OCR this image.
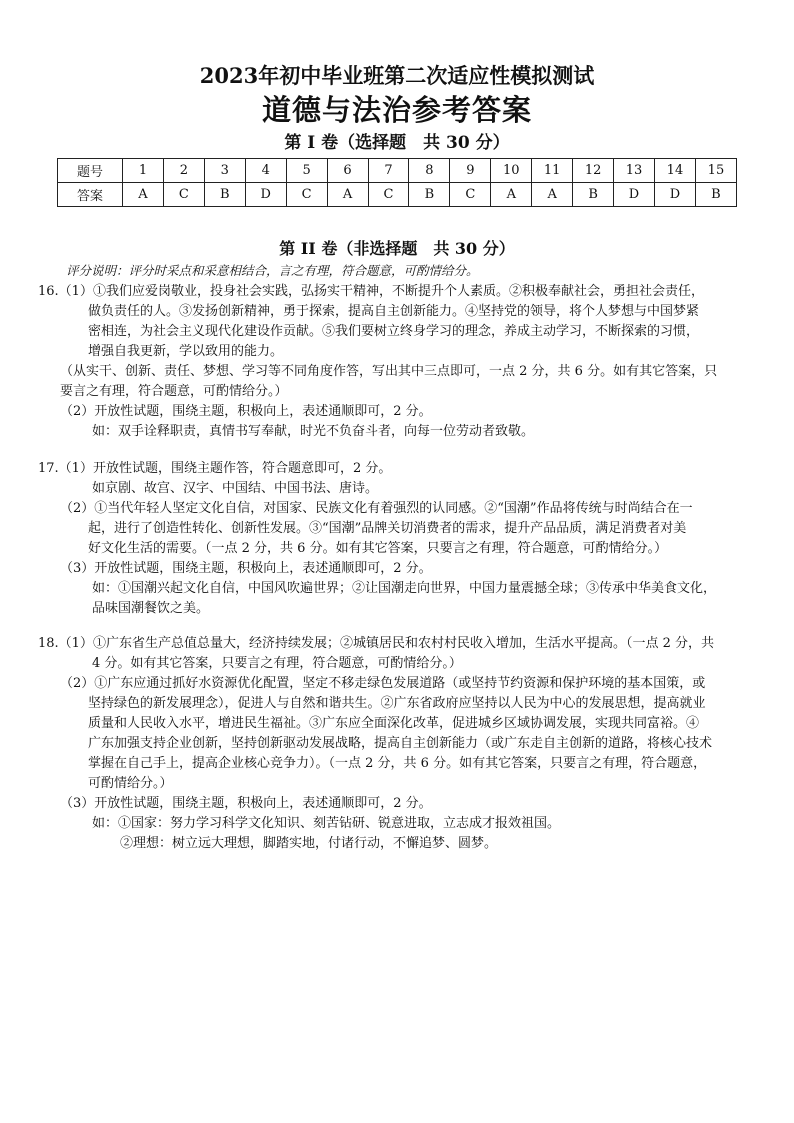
2023年初中毕业班第二次适应性模拟测试
道德与法治参考答案
第 I 卷（选择题　共 30 分）
题号	1	2	3	4	5	6	7	8	9	10	11	12	13	14	15
答案	A	C	B	D	C	A	C	B	C	A	A	B	D	D	B
第 II 卷（非选择题　共 30 分）
评分说明：评分时采点和采意相结合，言之有理，符合题意，可酌情给分。
16.（1）①我们应爱岗敬业，投身社会实践，弘扬实干精神，不断提升个人素质。②积极奉献社会，勇担社会责任，
做负责任的人。③发扬创新精神，勇于探索，提高自主创新能力。④坚持党的领导，将个人梦想与中国梦紧
密相连，为社会主义现代化建设作贡献。⑤我们要树立终身学习的理念，养成主动学习，不断探索的习惯，
增强自我更新，学以致用的能力。
（从实干、创新、责任、梦想、学习等不同角度作答，写出其中三点即可，一点 2 分，共 6 分。如有其它答案，只
要言之有理，符合题意，可酌情给分。）
（2）开放性试题，围绕主题，积极向上，表述通顺即可，2 分。
如：双手诠释职责，真情书写奉献，时光不负奋斗者，向每一位劳动者致敬。
17.（1）开放性试题，围绕主题作答，符合题意即可，2 分。
如京剧、故宫、汉字、中国结、中国书法、唐诗。
（2）①当代年轻人坚定文化自信，对国家、民族文化有着强烈的认同感。②“国潮”作品将传统与时尚结合在一
起，进行了创造性转化、创新性发展。③“国潮”品牌关切消费者的需求，提升产品品质，满足消费者对美
好文化生活的需要。（一点 2 分，共 6 分。如有其它答案，只要言之有理，符合题意，可酌情给分。）
（3）开放性试题，围绕主题，积极向上，表述通顺即可，2 分。
如：①国潮兴起文化自信，中国风吹遍世界；②让国潮走向世界，中国力量震撼全球；③传承中华美食文化，
品味国潮餐饮之美。
18.（1）①广东省生产总值总量大，经济持续发展；②城镇居民和农村村民收入增加，生活水平提高。（一点 2 分，共
4 分。如有其它答案，只要言之有理，符合题意，可酌情给分。）
（2）①广东应通过抓好水资源优化配置，坚定不移走绿色发展道路（或坚持节约资源和保护环境的基本国策，或
坚持绿色的新发展理念），促进人与自然和谐共生。②广东省政府应坚持以人民为中心的发展思想，提高就业
质量和人民收入水平，增进民生福祉。③广东应全面深化改革，促进城乡区域协调发展，实现共同富裕。④
广东加强支持企业创新，坚持创新驱动发展战略，提高自主创新能力（或广东走自主创新的道路，将核心技术
掌握在自己手上，提高企业核心竞争力）。（一点 2 分，共 6 分。如有其它答案，只要言之有理，符合题意，
可酌情给分。）
（3）开放性试题，围绕主题，积极向上，表述通顺即可，2 分。
如：①国家：努力学习科学文化知识、刻苦钻研、锐意进取，立志成才报效祖国。
②理想：树立远大理想，脚踏实地，付诸行动，不懈追梦、圆梦。
